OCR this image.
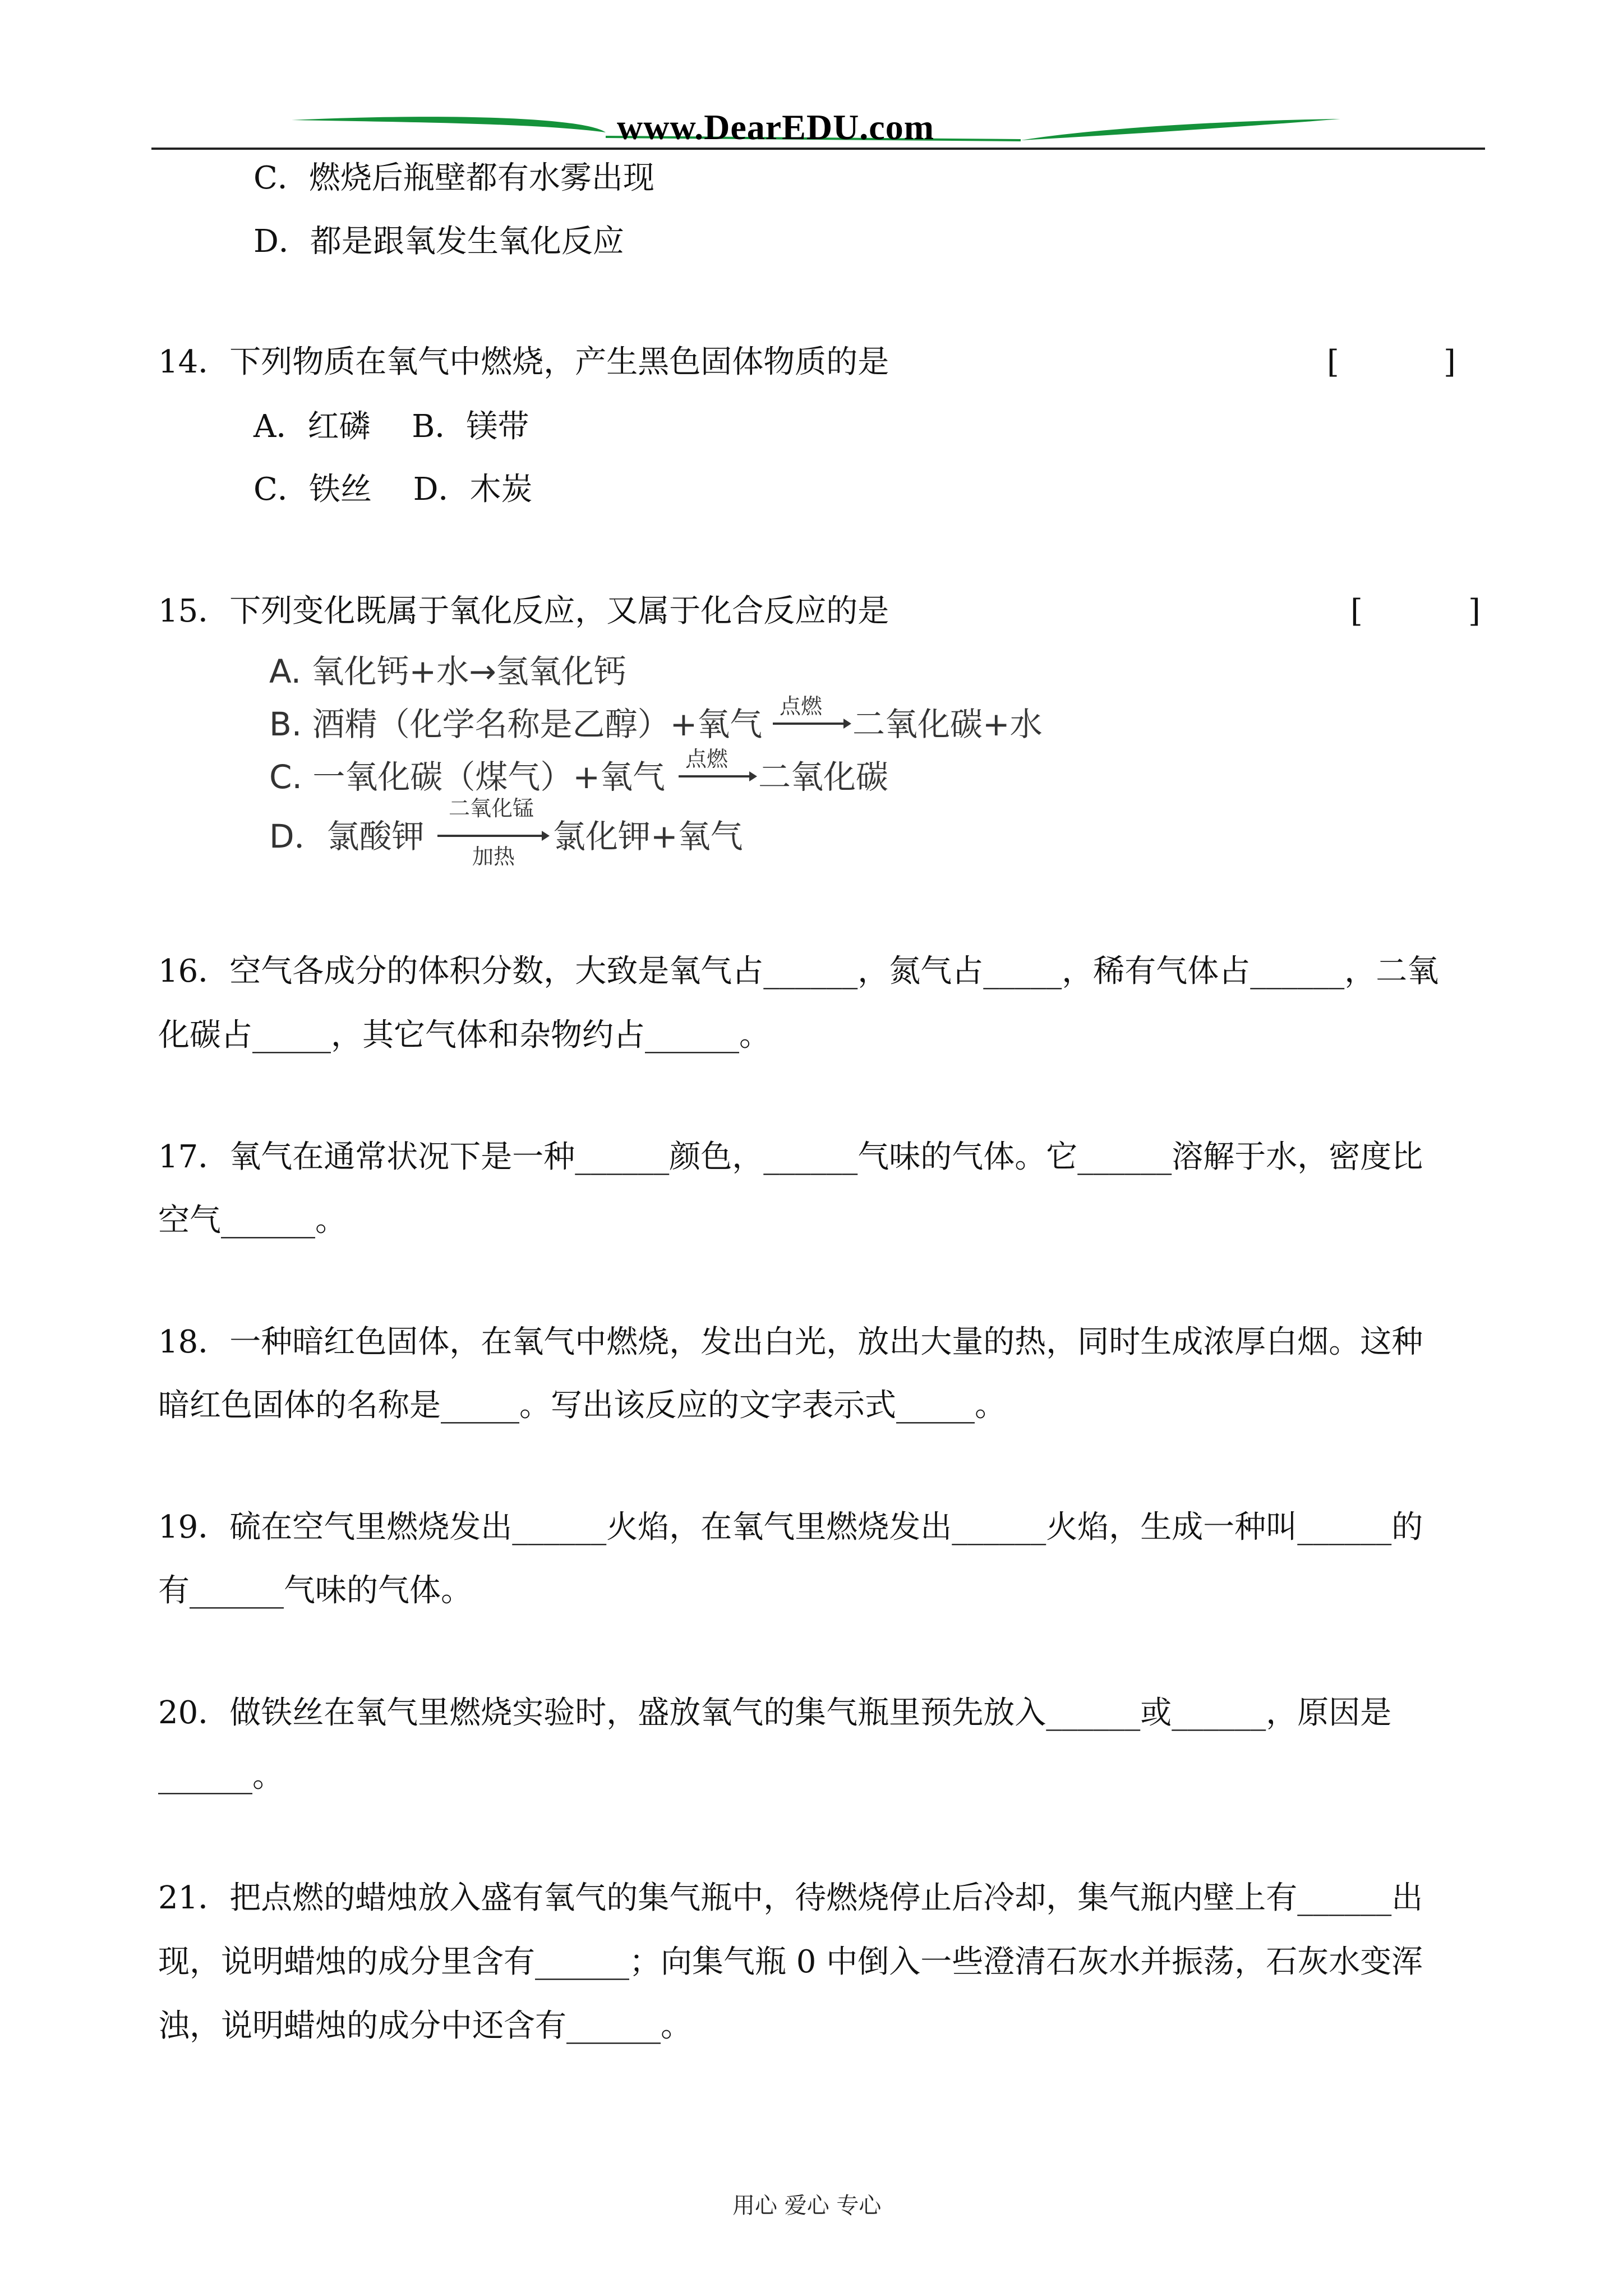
www.DearEDU.com
C．燃烧后瓶壁都有水雾出现
D．都是跟氧发生氧化反应
14．下列物质在氧气中燃烧，产生黑色固体物质的是	[	]
A．红磷　 B．镁带
C．铁丝　 D．木炭
15．下列变化既属于氧化反应，又属于化合反应的是	[	]
A. 氧化钙+水→氢氧化钙
B. 酒精（化学名称是乙醇）+氧气 点燃 二氧化碳+水
C. 一氧化碳（煤气）+氧气 点燃 二氧化碳
D．氯酸钾
二氧化锰
加热
氯化钾+氧气
16．空气各成分的体积分数，大致是氧气占______，氮气占_____，稀有气体占______，二氧
化碳占_____，其它气体和杂物约占______。
17．氧气在通常状况下是一种______颜色，______气味的气体。它______溶解于水，密度比
空气______。
18．一种暗红色固体，在氧气中燃烧，发出白光，放出大量的热，同时生成浓厚白烟。这种
暗红色固体的名称是_____。写出该反应的文字表示式_____。
19．硫在空气里燃烧发出______火焰，在氧气里燃烧发出______火焰，生成一种叫______的
有______气味的气体。
20．做铁丝在氧气里燃烧实验时，盛放氧气的集气瓶里预先放入______或______，原因是
______。
21．把点燃的蜡烛放入盛有氧气的集气瓶中，待燃烧停止后冷却，集气瓶内壁上有______出
现，说明蜡烛的成分里含有______；向集气瓶 0 中倒入一些澄清石灰水并振荡，石灰水变浑
浊，说明蜡烛的成分中还含有______。
用心 爱心 专心
